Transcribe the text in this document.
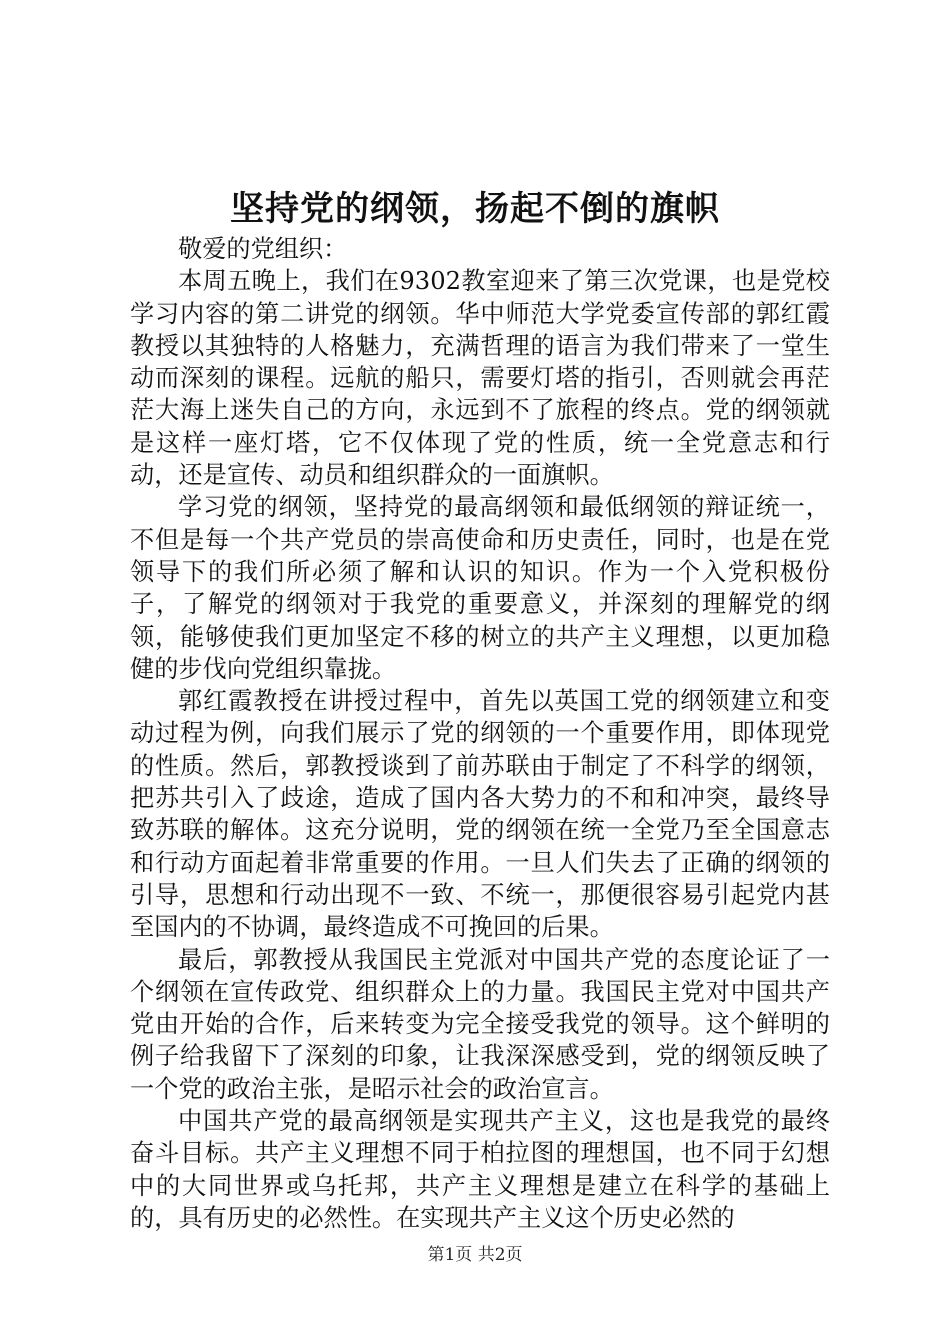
坚持党的纲领，扬起不倒的旗帜

敬爱的党组织：

本周五晚上，我们在9302教室迎来了第三次党课，也是党校学习内容的第二讲党的纲领。华中师范大学党委宣传部的郭红霞教授以其独特的人格魅力，充满哲理的语言为我们带来了一堂生动而深刻的课程。远航的船只，需要灯塔的指引，否则就会再茫茫大海上迷失自己的方向，永远到不了旅程的终点。党的纲领就是这样一座灯塔，它不仅体现了党的性质，统一全党意志和行动，还是宣传、动员和组织群众的一面旗帜。

学习党的纲领，坚持党的最高纲领和最低纲领的辩证统一，不但是每一个共产党员的崇高使命和历史责任，同时，也是在党领导下的我们所必须了解和认识的知识。作为一个入党积极份子，了解党的纲领对于我党的重要意义，并深刻的理解党的纲领，能够使我们更加坚定不移的树立的共产主义理想，以更加稳健的步伐向党组织靠拢。

郭红霞教授在讲授过程中，首先以英国工党的纲领建立和变动过程为例，向我们展示了党的纲领的一个重要作用，即体现党的性质。然后，郭教授谈到了前苏联由于制定了不科学的纲领，把苏共引入了歧途，造成了国内各大势力的不和和冲突，最终导致苏联的解体。这充分说明，党的纲领在统一全党乃至全国意志和行动方面起着非常重要的作用。一旦人们失去了正确的纲领的引导，思想和行动出现不一致、不统一，那便很容易引起党内甚至国内的不协调，最终造成不可挽回的后果。

最后，郭教授从我国民主党派对中国共产党的态度论证了一个纲领在宣传政党、组织群众上的力量。我国民主党对中国共产党由开始的合作，后来转变为完全接受我党的领导。这个鲜明的例子给我留下了深刻的印象，让我深深感受到，党的纲领反映了一个党的政治主张，是昭示社会的政治宣言。

中国共产党的最高纲领是实现共产主义，这也是我党的最终奋斗目标。共产主义理想不同于柏拉图的理想国，也不同于幻想中的大同世界或乌托邦，共产主义理想是建立在科学的基础上的，具有历史的必然性。在实现共产主义这个历史必然的

第1页 共2页
